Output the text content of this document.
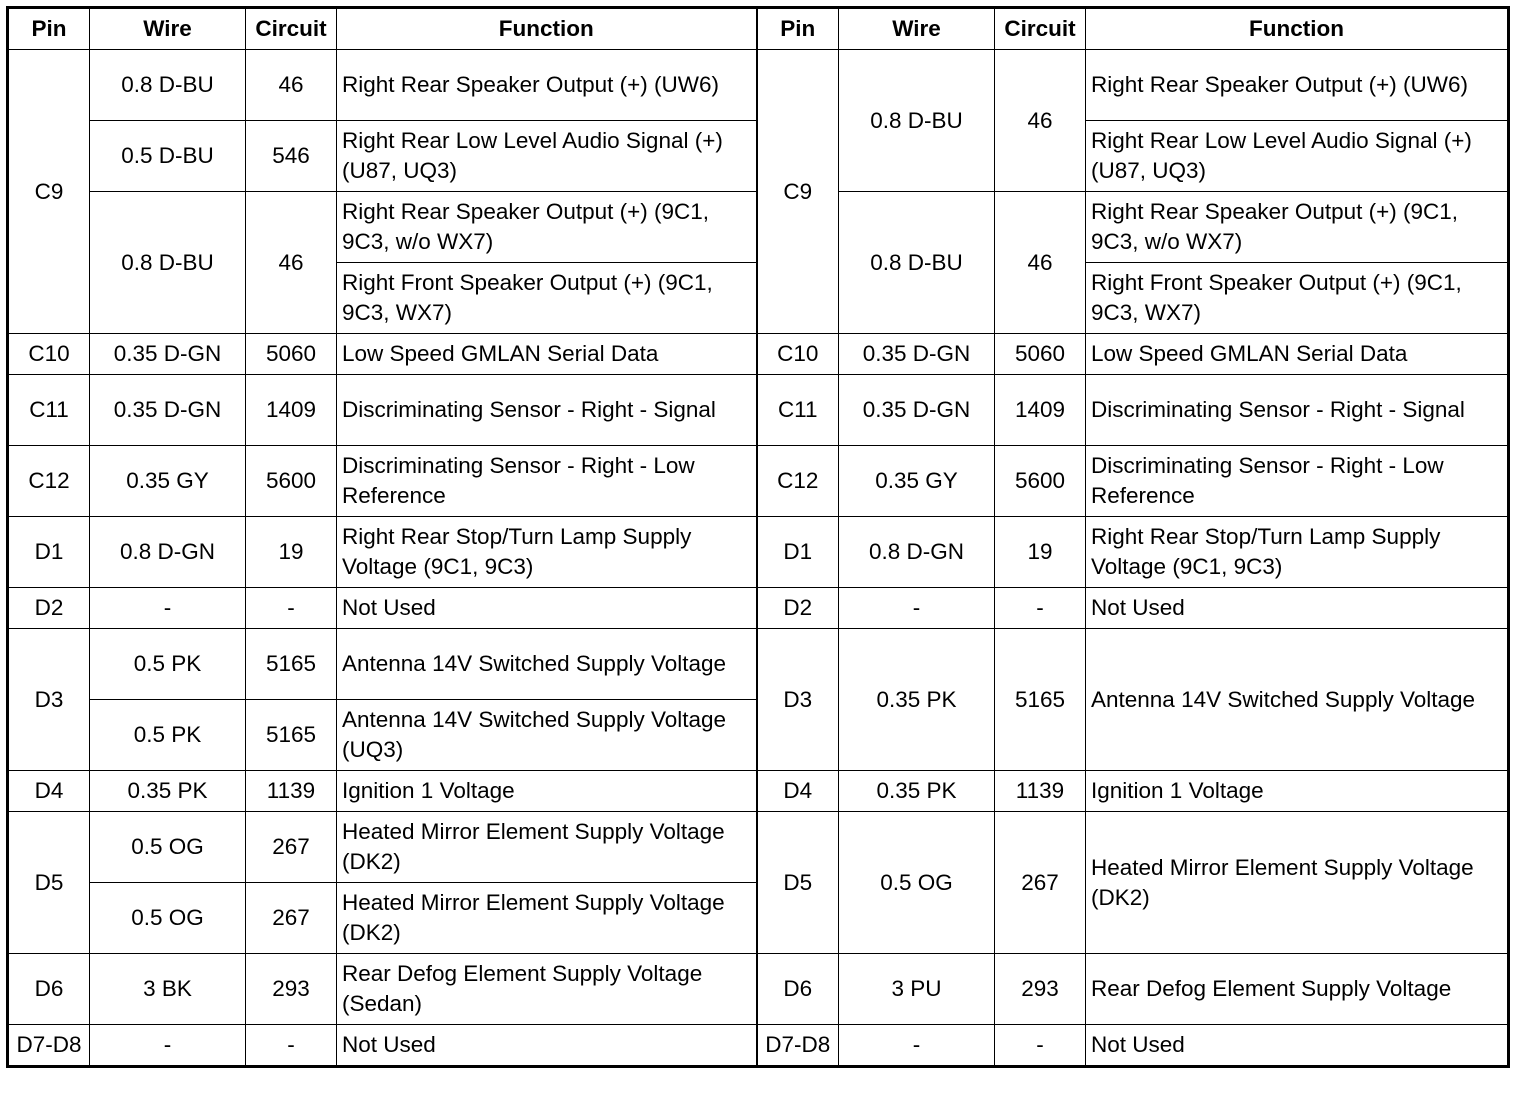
Pin	Wire	Circuit	Function	Pin	Wire	Circuit	Function
C9	0.8 D-BU	46	Right Rear Speaker Output (+) (UW6)	C9	0.8 D-BU	46	Right Rear Speaker Output (+) (UW6)
	0.5 D-BU	546	Right Rear Low Level Audio Signal (+) (U87, UQ3)				Right Rear Low Level Audio Signal (+) (U87, UQ3)
	0.8 D-BU	46	Right Rear Speaker Output (+) (9C1, 9C3, w/o WX7)		0.8 D-BU	46	Right Rear Speaker Output (+) (9C1, 9C3, w/o WX7)
			Right Front Speaker Output (+) (9C1, 9C3, WX7)				Right Front Speaker Output (+) (9C1, 9C3, WX7)
C10	0.35 D-GN	5060	Low Speed GMLAN Serial Data	C10	0.35 D-GN	5060	Low Speed GMLAN Serial Data
C11	0.35 D-GN	1409	Discriminating Sensor - Right - Signal	C11	0.35 D-GN	1409	Discriminating Sensor - Right - Signal
C12	0.35 GY	5600	Discriminating Sensor - Right - Low Reference	C12	0.35 GY	5600	Discriminating Sensor - Right - Low Reference
D1	0.8 D-GN	19	Right Rear Stop/Turn Lamp Supply Voltage (9C1, 9C3)	D1	0.8 D-GN	19	Right Rear Stop/Turn Lamp Supply Voltage (9C1, 9C3)
D2	-	-	Not Used	D2	-	-	Not Used
D3	0.5 PK	5165	Antenna 14V Switched Supply Voltage	D3	0.35 PK	5165	Antenna 14V Switched Supply Voltage
	0.5 PK	5165	Antenna 14V Switched Supply Voltage (UQ3)				
D4	0.35 PK	1139	Ignition 1 Voltage	D4	0.35 PK	1139	Ignition 1 Voltage
D5	0.5 OG	267	Heated Mirror Element Supply Voltage (DK2)	D5	0.5 OG	267	Heated Mirror Element Supply Voltage (DK2)
	0.5 OG	267	Heated Mirror Element Supply Voltage (DK2)				
D6	3 BK	293	Rear Defog Element Supply Voltage (Sedan)	D6	3 PU	293	Rear Defog Element Supply Voltage
D7-D8	-	-	Not Used	D7-D8	-	-	Not Used
